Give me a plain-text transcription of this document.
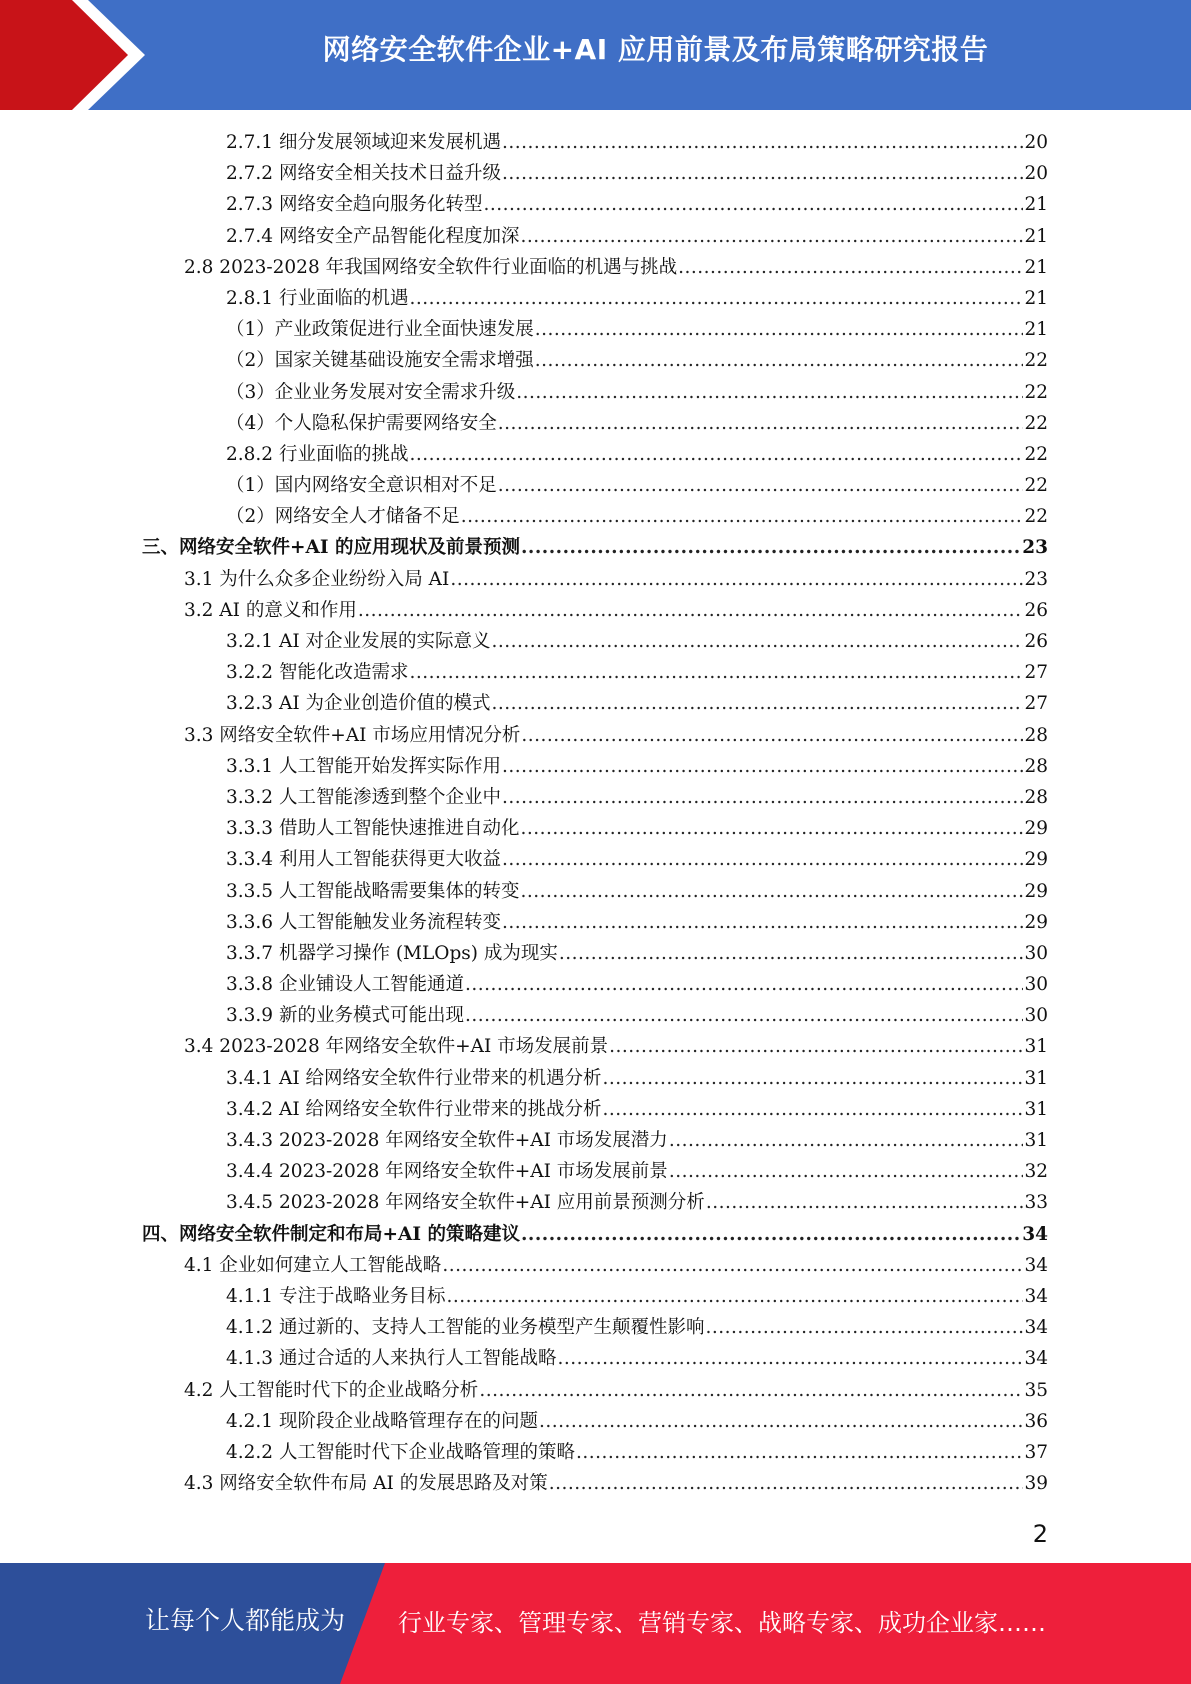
网络安全软件企业+AI 应用前景及布局策略研究报告
2.7.1 细分发展领域迎来发展机遇 .....	20
2.7.2 网络安全相关技术日益升级 .....	20
2.7.3 网络安全趋向服务化转型 .....	21
2.7.4 网络安全产品智能化程度加深 .....	21
2.8 2023-2028 年我国网络安全软件行业面临的机遇与挑战 .....	21
2.8.1 行业面临的机遇 .....	21
（1）产业政策促进行业全面快速发展 .....	21
（2）国家关键基础设施安全需求增强 .....	22
（3）企业业务发展对安全需求升级 .....	22
（4）个人隐私保护需要网络安全 .....	22
2.8.2 行业面临的挑战 .....	22
（1）国内网络安全意识相对不足 .....	22
（2）网络安全人才储备不足 .....	22
三、网络安全软件+AI 的应用现状及前景预测 .....	23
3.1 为什么众多企业纷纷入局 AI .....	23
3.2 AI 的意义和作用 .....	26
3.2.1 AI 对企业发展的实际意义 .....	26
3.2.2 智能化改造需求 .....	27
3.2.3 AI 为企业创造价值的模式 .....	27
3.3 网络安全软件+AI 市场应用情况分析 .....	28
3.3.1 人工智能开始发挥实际作用 .....	28
3.3.2 人工智能渗透到整个企业中 .....	28
3.3.3 借助人工智能快速推进自动化 .....	29
3.3.4 利用人工智能获得更大收益 .....	29
3.3.5 人工智能战略需要集体的转变 .....	29
3.3.6 人工智能触发业务流程转变 .....	29
3.3.7 机器学习操作 (MLOps) 成为现实 .....	30
3.3.8 企业铺设人工智能通道 .....	30
3.3.9 新的业务模式可能出现 .....	30
3.4 2023-2028 年网络安全软件+AI 市场发展前景 .....	31
3.4.1 AI 给网络安全软件行业带来的机遇分析 .....	31
3.4.2 AI 给网络安全软件行业带来的挑战分析 .....	31
3.4.3 2023-2028 年网络安全软件+AI 市场发展潜力 .....	31
3.4.4 2023-2028 年网络安全软件+AI 市场发展前景 .....	32
3.4.5 2023-2028 年网络安全软件+AI 应用前景预测分析 .....	33
四、网络安全软件制定和布局+AI 的策略建议 .....	34
4.1 企业如何建立人工智能战略 .....	34
4.1.1 专注于战略业务目标 .....	34
4.1.2 通过新的、支持人工智能的业务模型产生颠覆性影响 .....	34
4.1.3 通过合适的人来执行人工智能战略 .....	34
4.2 人工智能时代下的企业战略分析 .....	35
4.2.1 现阶段企业战略管理存在的问题 .....	36
4.2.2 人工智能时代下企业战略管理的策略 .....	37
4.3 网络安全软件布局 AI 的发展思路及对策 .....	39
2
让每个人都能成为 行业专家、管理专家、营销专家、战略专家、成功企业家……
